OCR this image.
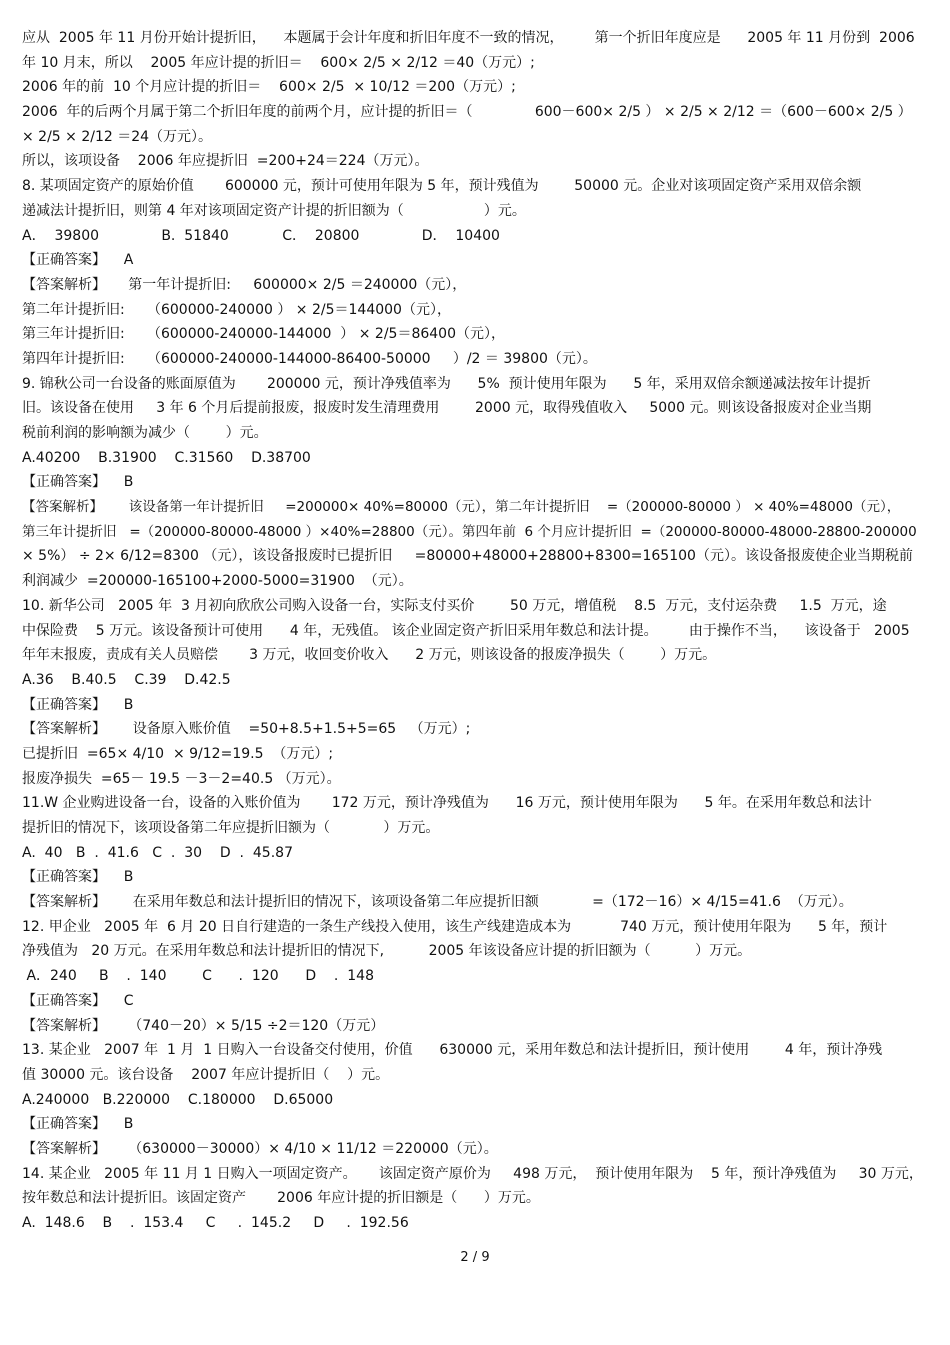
应从  2005 年 11 月份开始计提折旧，    本题属于会计年度和折旧年度不一致的情况，       第一个折旧年度应是      2005 年 11 月份到  2006
年 10 月末，所以    2005 年应计提的折旧＝    600× 2/5 × 2/12 ＝40（万元）;
2006 年的前  10 个月应计提的折旧＝    600× 2/5  × 10/12 ＝200（万元）;
2006  年的后两个月属于第二个折旧年度的前两个月，应计提的折旧＝（              600－600× 2/5 ） × 2/5 × 2/12 ＝（600－600× 2/5 ）
× 2/5 × 2/12 ＝24（万元）。
所以，该项设备    2006 年应提折旧  =200+24＝224（万元）。
8. 某项固定资产的原始价值       600000 元，预计可使用年限为 5 年，预计残值为        50000 元。企业对该项固定资产采用双倍余额
递减法计提折旧，则第 4 年对该项固定资产计提的折旧额为（                  ）元。
A．  39800              B.  51840            C．  20800              D．  10400
【正确答案】    A
【答案解析】     第一年计提折旧:     600000× 2/5 ＝240000（元），
第二年计提折旧:     （600000-240000 ） × 2/5＝144000（元），
第三年计提折旧:     （600000-240000-144000  ） × 2/5＝86400（元），
第四年计提折旧:     （600000-240000-144000-86400-50000     ）/2 ＝ 39800（元）。
9. 锦秋公司一台设备的账面原值为       200000 元，预计净残值率为      5%  预计使用年限为      5 年，采用双倍余额递减法按年计提折
旧。该设备在使用     3 年 6 个月后提前报废，报废时发生清理费用        2000 元，取得残值收入     5000 元。则该设备报废对企业当期
税前利润的影响额为减少（        ）元。
A.40200    B.31900    C.31560    D.38700
【正确答案】    B
【答案解析】      该设备第一年计提折旧     =200000× 40%=80000（元），第二年计提折旧    =（200000-80000 ） × 40%=48000（元），
第三年计提折旧   =（200000-80000-48000 ）×40%=28800（元）。第四年前  6 个月应计提折旧  =（200000-80000-48000-28800-200000
× 5%） ÷ 2× 6/12=8300 （元），该设备报废时已提折旧     =80000+48000+28800+8300=165100（元）。该设备报废使企业当期税前
利润减少  =200000-165100+2000-5000=31900  （元）。
10. 新华公司   2005 年  3 月初向欣欣公司购入设备一台，实际支付买价        50 万元，增值税    8.5  万元，支付运杂费     1.5  万元，途
中保险费    5 万元。该设备预计可使用      4 年，无残值。 该企业固定资产折旧采用年数总和法计提。       由于操作不当，    该设备于   2005
年年末报废，责成有关人员赔偿       3 万元，收回变价收入      2 万元，则该设备的报废净损失（        ）万元。
A.36    B.40.5    C.39    D.42.5
【正确答案】    B
【答案解析】      设备原入账价值    =50+8.5+1.5+5=65   （万元）;
已提折旧  =65× 4/10  × 9/12=19.5  （万元）;
报废净损失  =65－ 19.5 －3－2=40.5 （万元）。
11.W 企业购进设备一台，设备的入账价值为       172 万元，预计净残值为      16 万元，预计使用年限为      5 年。在采用年数总和法计
提折旧的情况下，该项设备第二年应提折旧额为（            ）万元。
A.  40   B  .  41.6   C  .  30    D  .  45.87
【正确答案】    B
【答案解析】      在采用年数总和法计提折旧的情况下，该项设备第二年应提折旧额            =（172－16）× 4/15=41.6  （万元）。
12. 甲企业   2005 年  6 月 20 日自行建造的一条生产线投入使用，该生产线建造成本为           740 万元，预计使用年限为      5 年，预计
净残值为   20 万元。在采用年数总和法计提折旧的情况下,          2005 年该设备应计提的折旧额为（          ）万元。
A．240     B    .  140        C      .  120      D    .  148
【正确答案】    C
【答案解析】     （740－20）× 5/15 ÷2＝120（万元）
13. 某企业   2007 年  1 月  1 日购入一台设备交付使用，价值      630000 元，采用年数总和法计提折旧，预计使用        4 年，预计净残
值 30000 元。该台设备    2007 年应计提折旧（    ）元。
A.240000   B.220000    C.180000    D.65000
【正确答案】    B
【答案解析】     （630000－30000）× 4/10 × 11/12 ＝220000（元）。
14. 某企业   2005 年 11 月 1 日购入一项固定资产。     该固定资产原价为     498 万元，  预计使用年限为    5 年，预计净残值为     30 万元，
按年数总和法计提折旧。该固定资产       2006 年应计提的折旧额是（      ）万元。
A.  148.6    B    .  153.4     C     .  145.2     D     .  192.56
2 / 9
